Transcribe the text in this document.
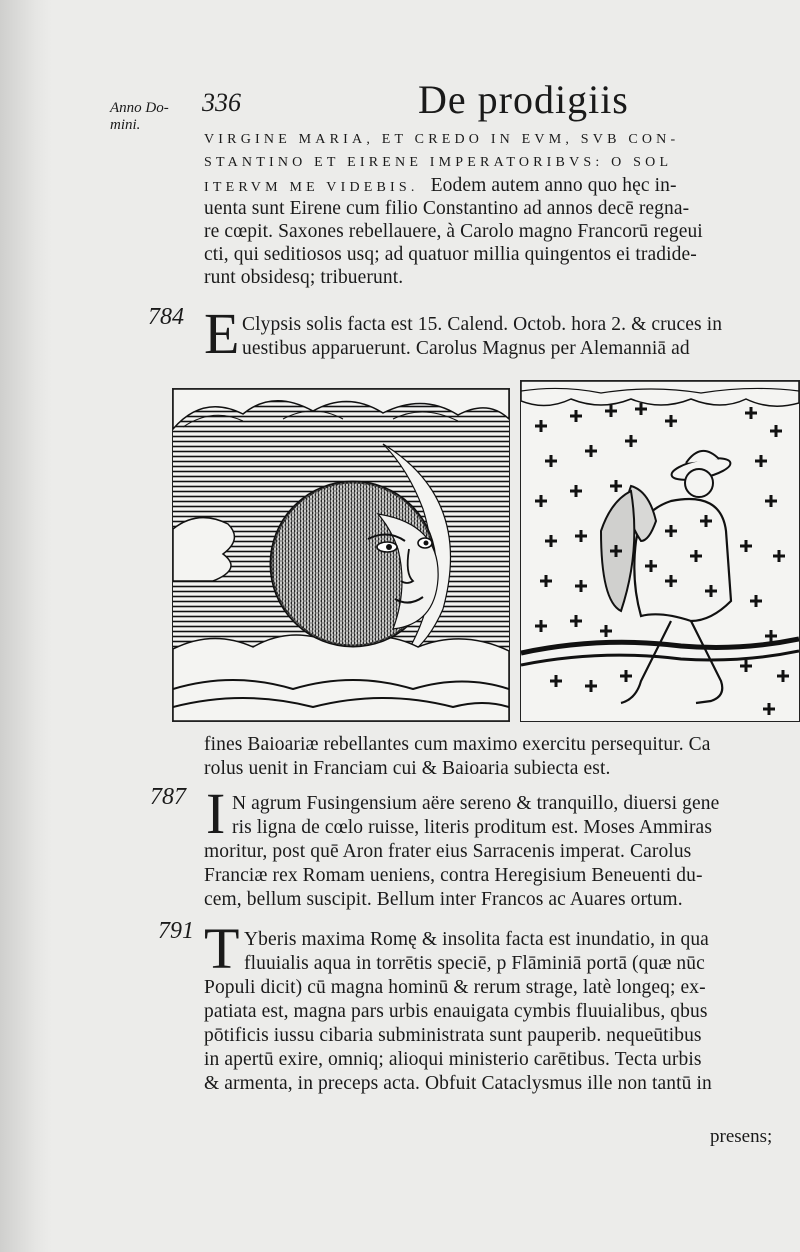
Anno Do-
mini.
336	De prodigiis
VIRGINE MARIA, ET CREDO IN EVM, SVB CON-
STANTINO ET EIRENE IMPERATORIBVS: O SOL
ITERVM ME VIDEBIS. Eodem autem anno quo hęc in-
uenta sunt Eirene cum filio Constantino ad annos decē regna-
re cœpit. Saxones rebellauere, à Carolo magno Francorū regeui
cti, qui seditiosos usq; ad quatuor millia quingentos ei tradide-
runt obsidesq; tribuerunt.
784 E Clypsis solis facta est 15. Calend. Octob. hora 2. & cruces in
uestibus apparuerunt. Carolus Magnus per Alemanniā ad
fines Baioariæ rebellantes cum maximo exercitu persequitur. Ca
rolus uenit in Franciam cui & Baioaria subiecta est.
787 I N agrum Fusingensium aëre sereno & tranquillo, diuersi gene
ris ligna de cœlo ruisse, literis proditum est. Moses Ammiras
moritur, post quē Aron frater eius Sarracenis imperat. Carolus
Franciæ rex Romam ueniens, contra Heregisium Beneuenti du-
cem, bellum suscipit. Bellum inter Francos ac Auares ortum.
791 T Yberis maxima Romę & insolita facta est inundatio, in qua
fluuialis aqua in torrētis speciē, p Flāminiā portā (quæ nūc
Populi dicit) cū magna hominū & rerum strage, latè longeq; ex-
patiata est, magna pars urbis enauigata cymbis fluuialibus, qbus
pōtificis iussu cibaria subministrata sunt pauperib. nequeūtibus
in apertū exire, omniq; alioqui ministerio carētibus. Tecta urbis
& armenta, in preceps acta. Obfuit Cataclysmus ille non tantū in
presens;
